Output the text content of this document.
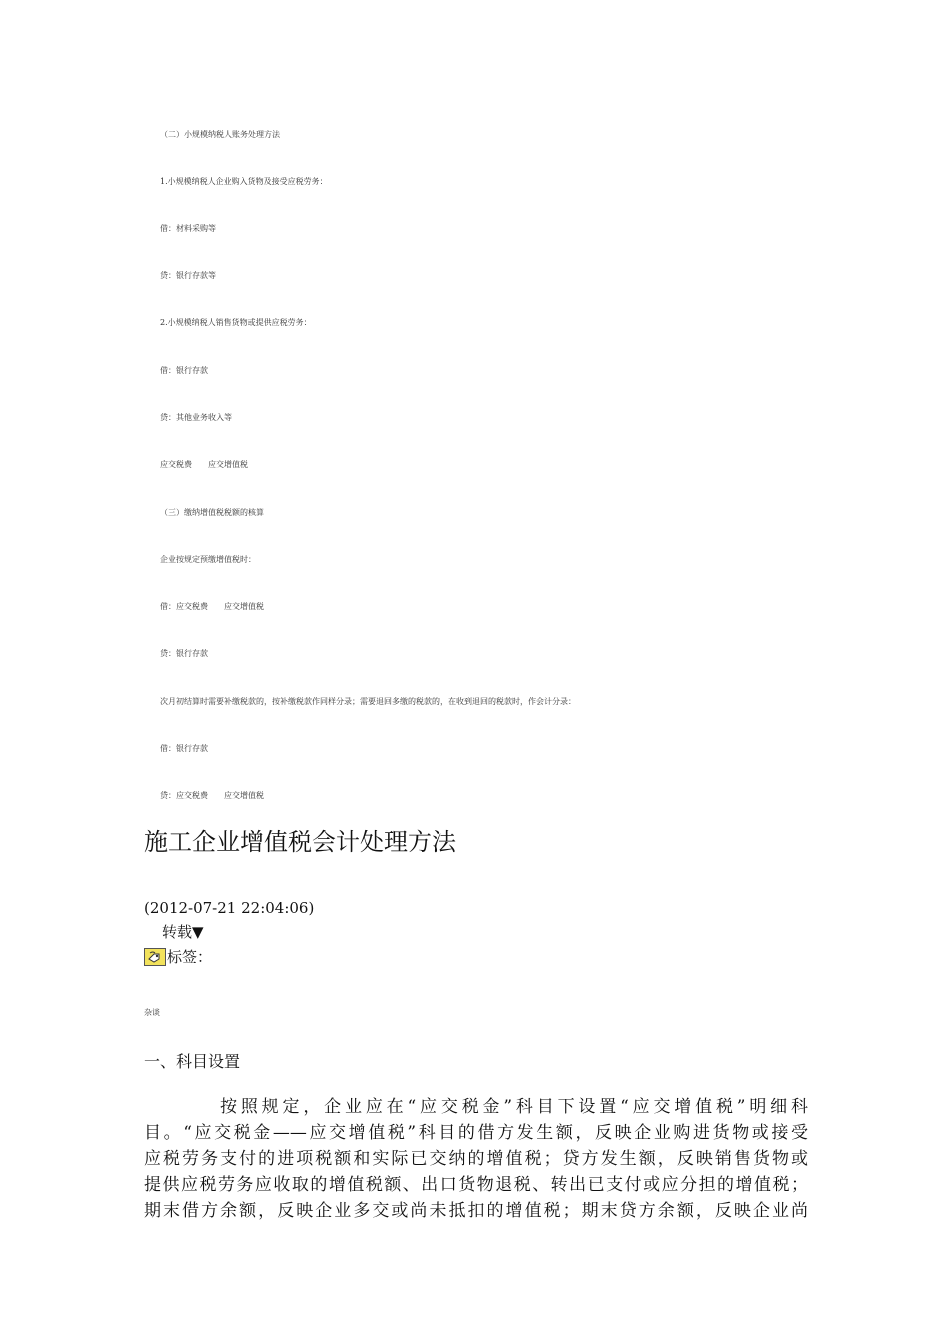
（二）小规模纳税人账务处理方法
1.小规模纳税人企业购入货物及接受应税劳务：
借：材料采购等
贷：银行存款等
2.小规模纳税人销售货物或提供应税劳务：
借：银行存款
贷：其他业务收入等
应交税费 应交增值税
（三）缴纳增值税税额的核算
企业按规定预缴增值税时：
借：应交税费 应交增值税
贷：银行存款
次月初结算时需要补缴税款的，按补缴税款作同样分录；需要退回多缴的税款的，在收到退回的税款时，作会计分录：
借：银行存款
贷：应交税费 应交增值税
施工企业增值税会计处理方法
(2012-07-21 22:04:06)
转载▼
标签：
杂谈
一、科目设置
按照规定，企业应在“应交税金”科目下设置“应交增值税”明细科
目。“应交税金——应交增值税”科目的借方发生额，反映企业购进货物或接受
应税劳务支付的进项税额和实际已交纳的增值税；贷方发生额，反映销售货物或
提供应税劳务应收取的增值税额、出口货物退税、转出已支付或应分担的增值税；
期末借方余额，反映企业多交或尚未抵扣的增值税；期末贷方余额，反映企业尚
